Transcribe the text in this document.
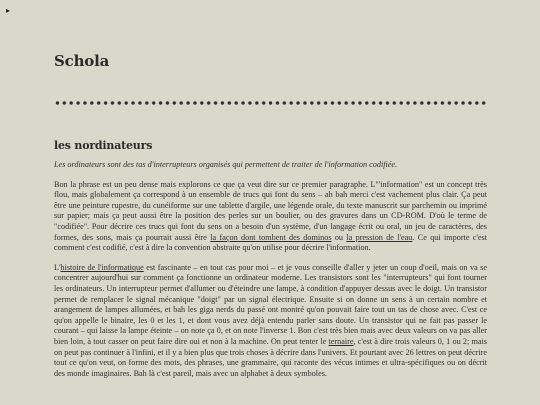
▸
Schola
les nordinateurs

Les ordinateurs sont des tas d'interrupteurs organisés qui permettent de traiter de l'information codifiée.

Bon la phrase est un peu dense mais explorons ce que ça veut dire sur ce premier paragraphe. L'"information" est un concept très flou, mais globalement ça correspond à un ensemble de trucs qui font du sens – ah bah merci c'est vachement plus clair. Ça peut être une peinture rupestre, du cunéiforme sur une tablette d'argile, une légende orale, du texte manuscrit sur parchemin ou imprimé sur papier; mais ça peut aussi être la position des perles sur un boulier, ou des gravures dans un CD-ROM. D'où le terme de "codifiée". Pour décrire ces trucs qui font du sens on a besoin d'un système, d'un langage écrit ou oral, un jeu de caractères, des formes, des sons, mais ça pourrait aussi être la façon dont tombent des dominos ou la pression de l'eau. Ce qui importe c'est comment c'est codifié, c'est à dire la convention abstraite qu'on utilise pour décrire l'information.

L'histoire de l'informatique est fascinante – en tout cas pour moi – et je vous conseille d'aller y jeter un coup d'oeil, mais on va se concentrer aujourd'hui sur comment ça fonctionne un ordinateur moderne. Les transistors sont les "interrupteurs" qui font tourner les ordinateurs. Un interrupteur permet d'allumer ou d'éteindre une lampe, à condition d'appuyer dessus avec le doigt. Un transistor permet de remplacer le signal mécanique "doigt" par un signal électrique. Ensuite si on donne un sens à un certain nombre et arangement de lampes allumées, et bah les giga nerds du passé ont montré qu'on pouvait faire tout un tas de chose avec. C'est ce qu'on appelle le binaire, les 0 et les 1, et dont vous avez déjà entendu parler sans doute. Un transistor qui ne fait pas passer le courant – qui laisse la lampe éteinte – on note ça 0, et on note l'inverse 1. Bon c'est très bien mais avec deux valeurs on va pas aller bien loin, à tout casser on peut faire dire oui et non à la machine. On peut tenter le ternaire, c'est à dire trois valeurs 0, 1 ou 2; mais on peut pas continuer à l'infini, et il y a bien plus que trois choses à décrire dans l'univers. Et pourtant avec 26 lettres on peut décrire tout ce qu'on veut, on forme des mots, des phrases, une grammaire, qui raconte des vécus intimes et ultra-spécifiques ou on décrit des monde imaginaires. Bah là c'est pareil, mais avec un alphabet à deux symboles.
